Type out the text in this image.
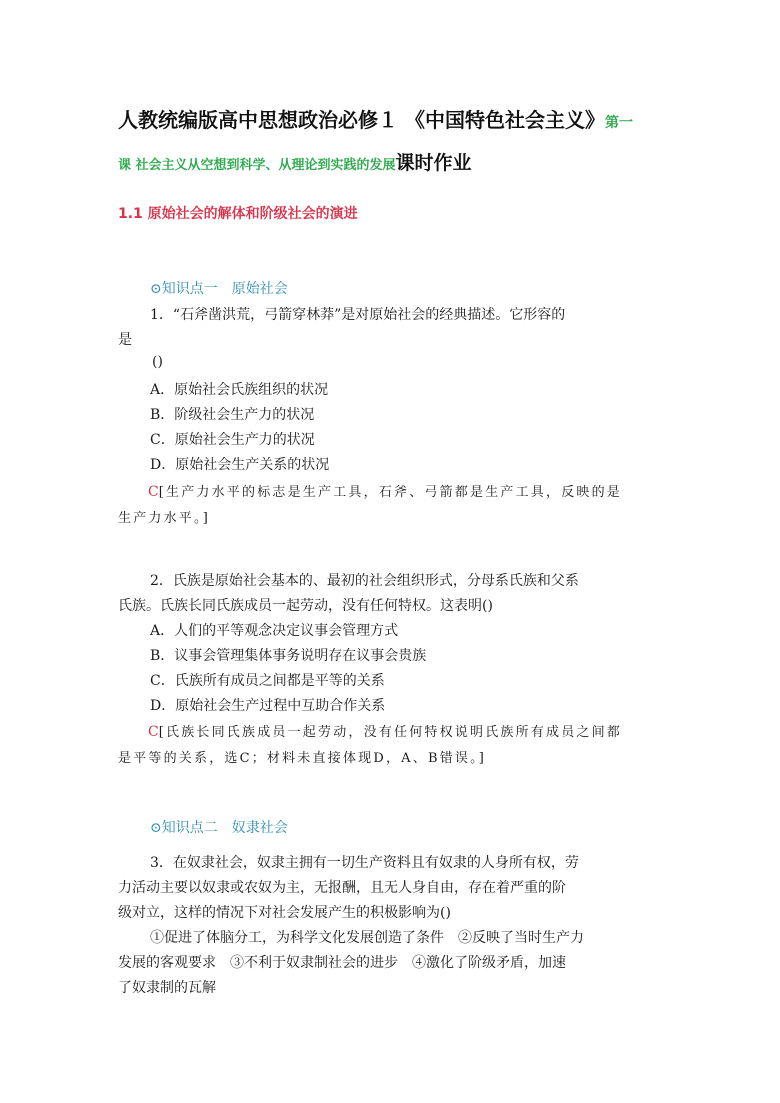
人教统编版高中思想政治必修１ 《中国特色社会主义》第一
课 社会主义从空想到科学、从理论到实践的发展课时作业
1.1 原始社会的解体和阶级社会的演进
⊙知识点一　原始社会
1．“石斧凿洪荒，弓箭穿林莽”是对原始社会的经典描述。它形容的
是
()
A．原始社会氏族组织的状况
B．阶级社会生产力的状况
C．原始社会生产力的状况
D．原始社会生产关系的状况
C[生产力水平的标志是生产工具，石斧、弓箭都是生产工具，反映的是
生产力水平。]
2．氏族是原始社会基本的、最初的社会组织形式，分母系氏族和父系
氏族。氏族长同氏族成员一起劳动，没有任何特权。这表明()
A．人们的平等观念决定议事会管理方式
B．议事会管理集体事务说明存在议事会贵族
C．氏族所有成员之间都是平等的关系
D．原始社会生产过程中互助合作关系
C[氏族长同氏族成员一起劳动，没有任何特权说明氏族所有成员之间都
是平等的关系，选C；材料未直接体现D，A、B错误。]
⊙知识点二　奴隶社会
3．在奴隶社会，奴隶主拥有一切生产资料且有奴隶的人身所有权，劳
力活动主要以奴隶或农奴为主，无报酬，且无人身自由，存在着严重的阶
级对立，这样的情况下对社会发展产生的积极影响为()
①促进了体脑分工，为科学文化发展创造了条件　②反映了当时生产力
发展的客观要求　③不利于奴隶制社会的进步　④激化了阶级矛盾，加速
了奴隶制的瓦解
